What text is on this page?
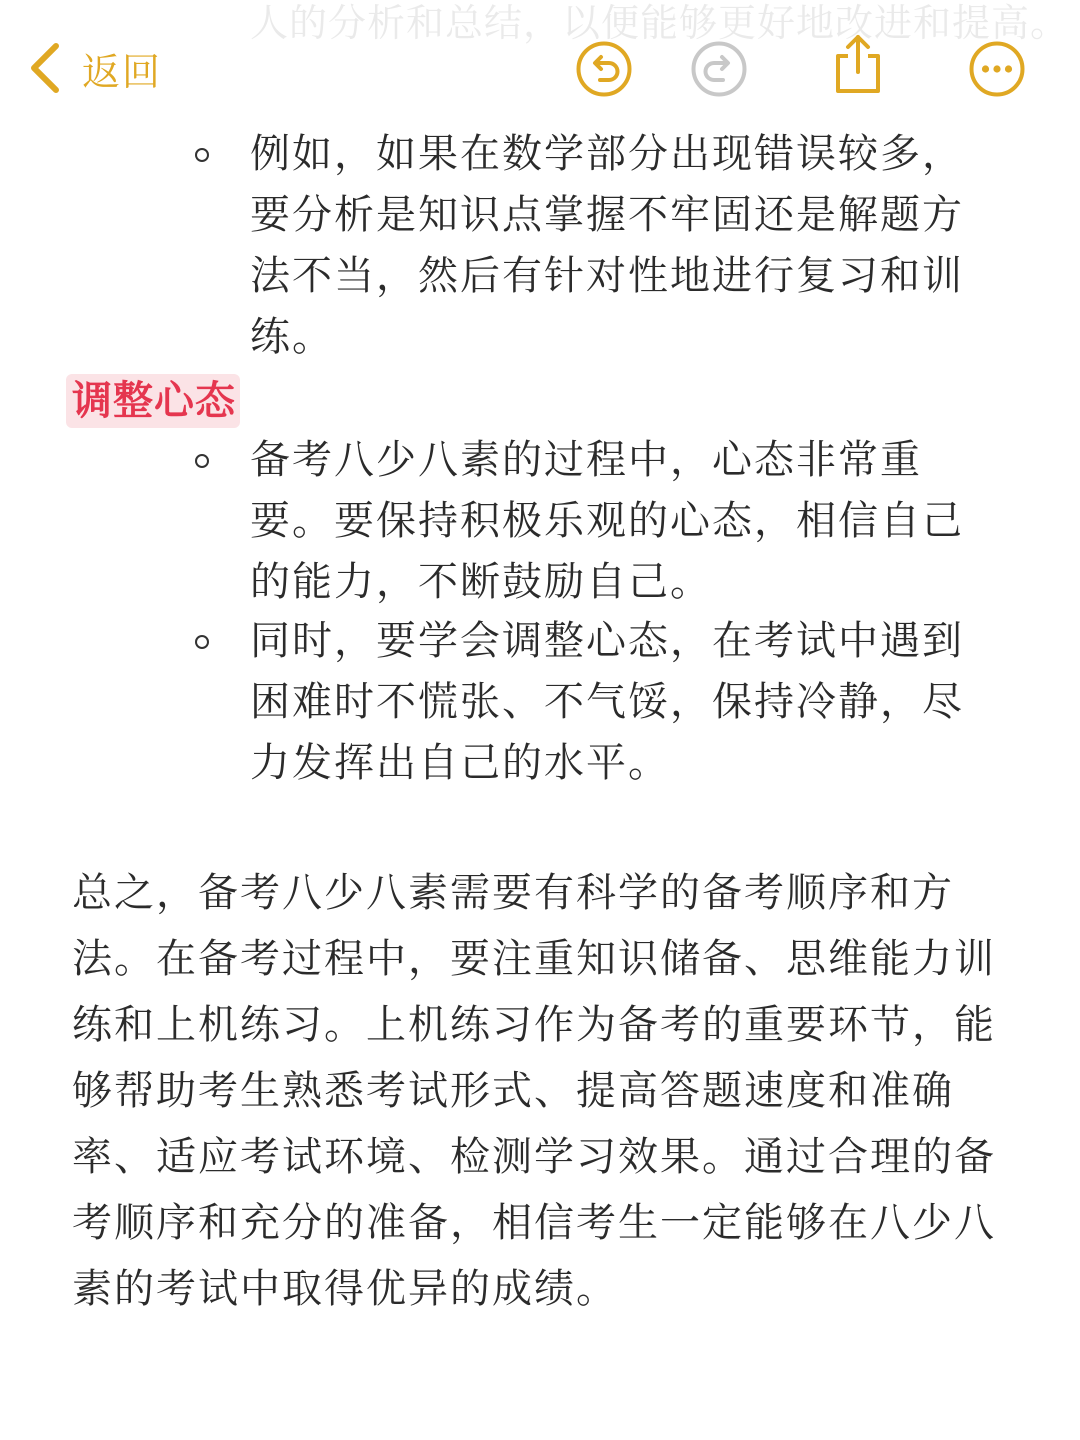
人的分析和总结，以便能够更好地改进和提高。
返回
例如，如果在数学部分出现错误较多，要分析是知识点掌握不牢固还是解题方法不当，然后有针对性地进行复习和训练。
调整心态
备考八少八素的过程中，心态非常重要。要保持积极乐观的心态，相信自己的能力，不断鼓励自己。
同时，要学会调整心态，在考试中遇到困难时不慌张、不气馁，保持冷静，尽力发挥出自己的水平。
总之，备考八少八素需要有科学的备考顺序和方法。在备考过程中，要注重知识储备、思维能力训练和上机练习。上机练习作为备考的重要环节，能够帮助考生熟悉考试形式、提高答题速度和准确率、适应考试环境、检测学习效果。通过合理的备考顺序和充分的准备，相信考生一定能够在八少八素的考试中取得优异的成绩。
